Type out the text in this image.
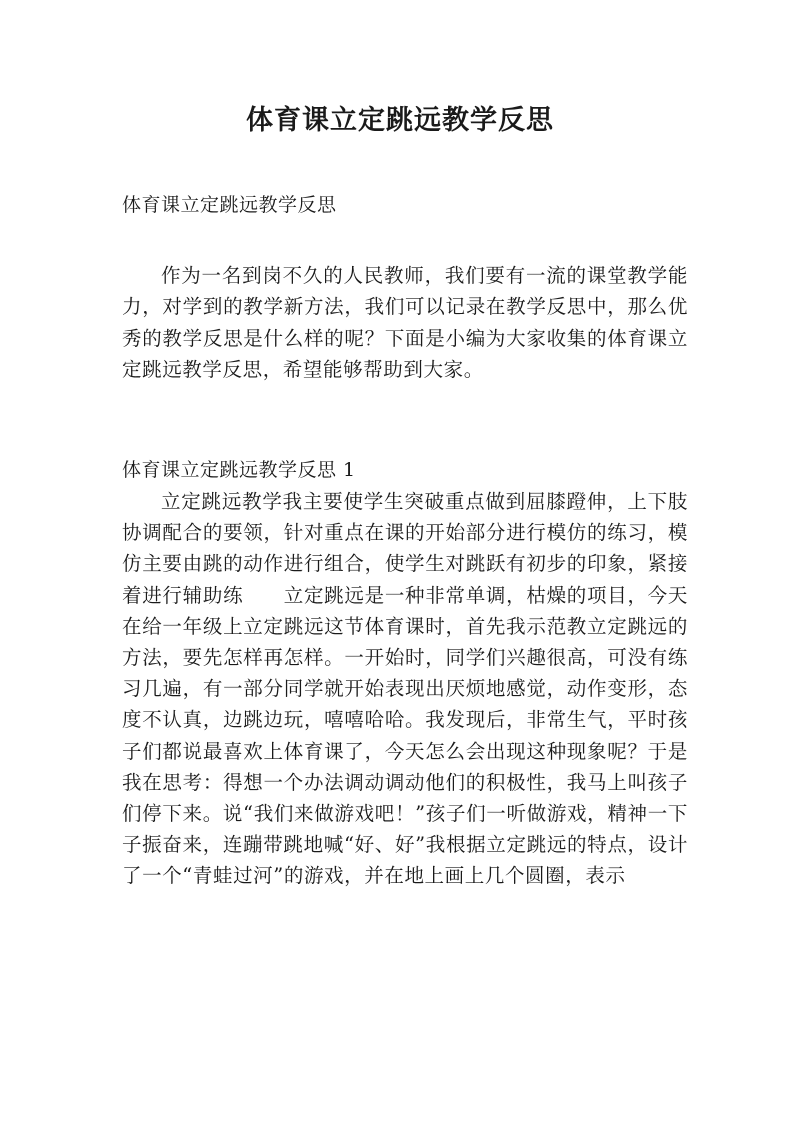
体育课立定跳远教学反思

体育课立定跳远教学反思

作为一名到岗不久的人民教师，我们要有一流的课堂教学能力，对学到的教学新方法，我们可以记录在教学反思中，那么优秀的教学反思是什么样的呢？下面是小编为大家收集的体育课立定跳远教学反思，希望能够帮助到大家。

体育课立定跳远教学反思 1

立定跳远教学我主要使学生突破重点做到屈膝蹬伸，上下肢协调配合的要领，针对重点在课的开始部分进行模仿的练习，模仿主要由跳的动作进行组合，使学生对跳跃有初步的印象，紧接着进行辅助练　　立定跳远是一种非常单调，枯燥的项目，今天在给一年级上立定跳远这节体育课时，首先我示范教立定跳远的方法，要先怎样再怎样。一开始时，同学们兴趣很高，可没有练习几遍，有一部分同学就开始表现出厌烦地感觉，动作变形，态度不认真，边跳边玩，嘻嘻哈哈。我发现后，非常生气，平时孩子们都说最喜欢上体育课了，今天怎么会出现这种现象呢？于是我在思考：得想一个办法调动调动他们的积极性，我马上叫孩子们停下来。说“我们来做游戏吧！”孩子们一听做游戏，精神一下子振奋来，连蹦带跳地喊“好、好”我根据立定跳远的特点，设计了一个“青蛙过河”的游戏，并在地上画上几个圆圈，表示
